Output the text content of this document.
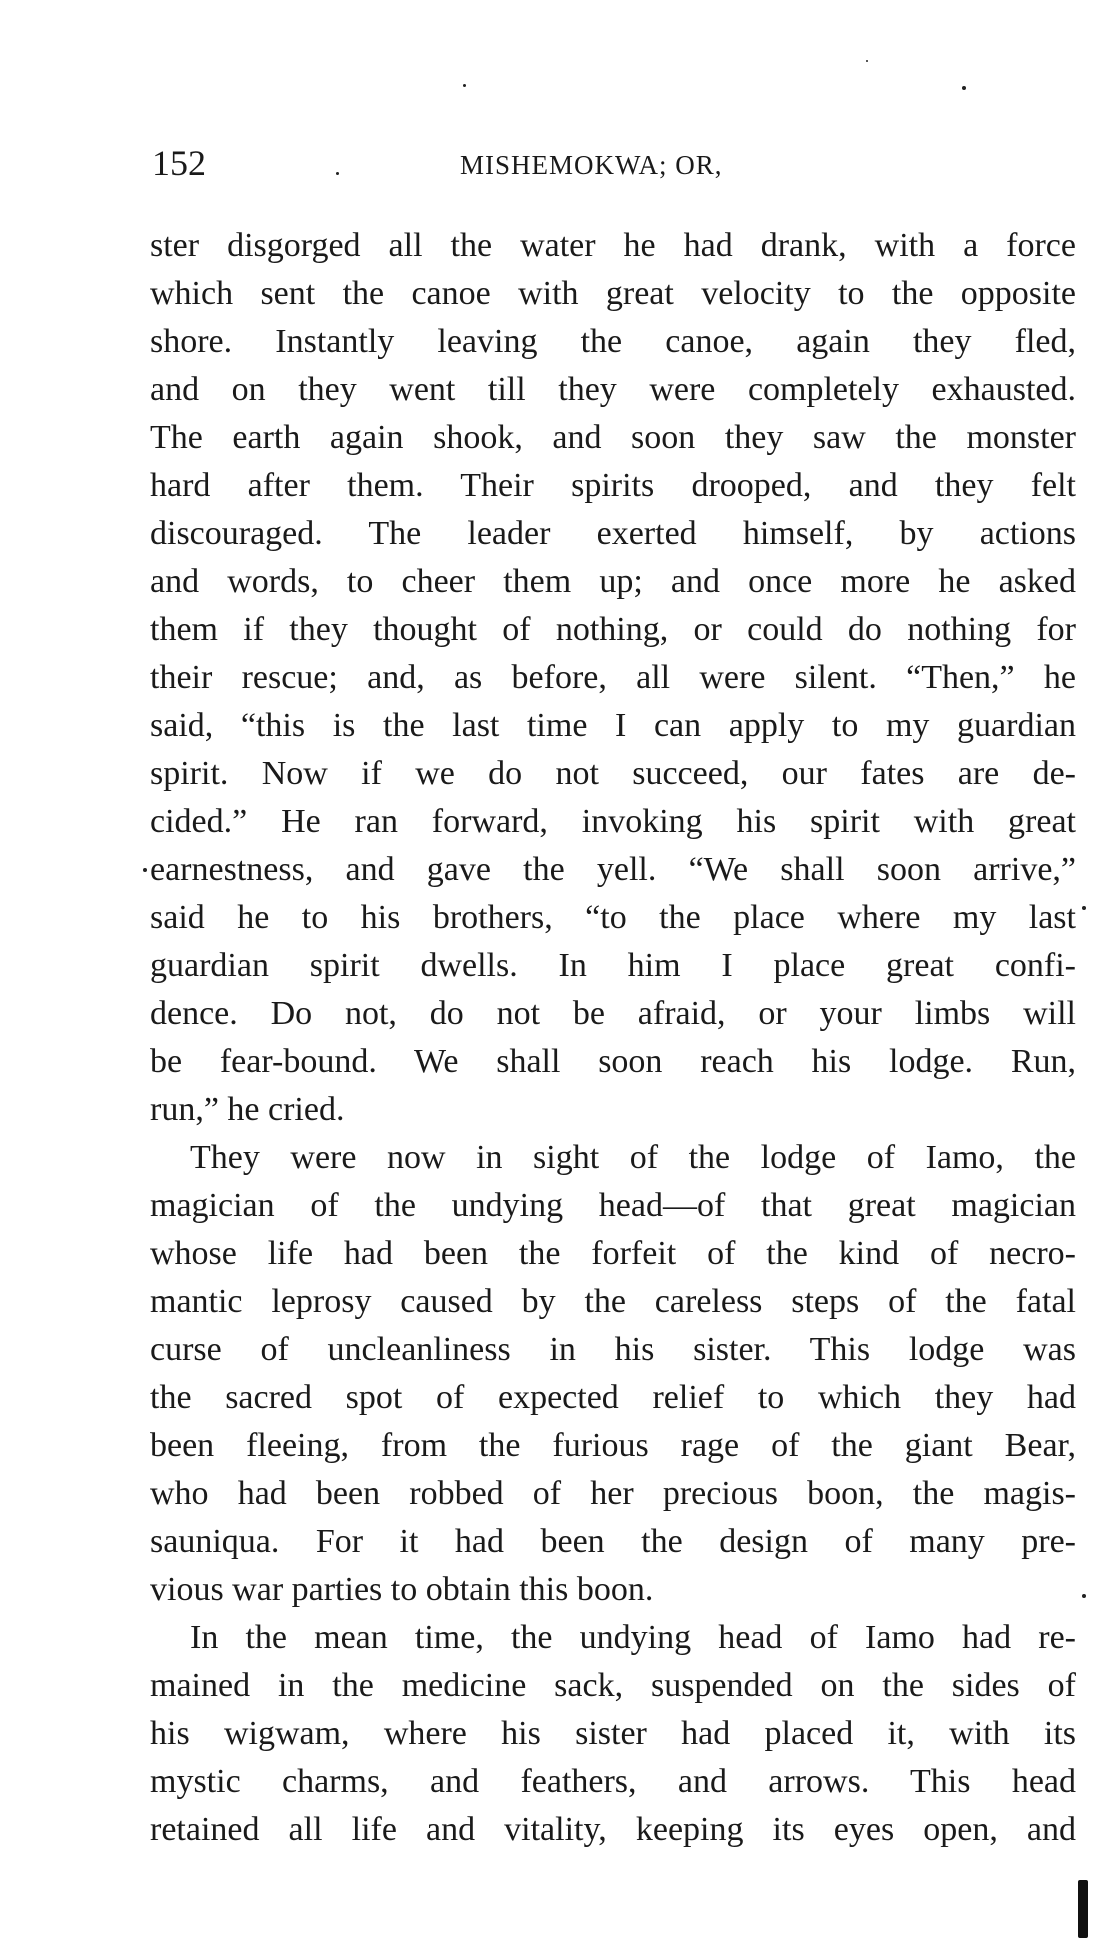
152	MISHEMOKWA; OR,
ster disgorged all the water he had drank, with a force
which sent the canoe with great velocity to the opposite
shore. Instantly leaving the canoe, again they fled,
and on they went till they were completely exhausted.
The earth again shook, and soon they saw the monster
hard after them. Their spirits drooped, and they felt
discouraged. The leader exerted himself, by actions
and words, to cheer them up; and once more he asked
them if they thought of nothing, or could do nothing for
their rescue; and, as before, all were silent. “Then,” he
said, “this is the last time I can apply to my guardian
spirit. Now if we do not succeed, our fates are de-
cided.” He ran forward, invoking his spirit with great
earnestness, and gave the yell. “We shall soon arrive,”
said he to his brothers, “to the place where my last
guardian spirit dwells. In him I place great confi-
dence. Do not, do not be afraid, or your limbs will
be fear-bound. We shall soon reach his lodge. Run,
run,” he cried.
They were now in sight of the lodge of Iamo, the
magician of the undying head—of that great magician
whose life had been the forfeit of the kind of necro-
mantic leprosy caused by the careless steps of the fatal
curse of uncleanliness in his sister. This lodge was
the sacred spot of expected relief to which they had
been fleeing, from the furious rage of the giant Bear,
who had been robbed of her precious boon, the magis-
sauniqua. For it had been the design of many pre-
vious war parties to obtain this boon.
In the mean time, the undying head of Iamo had re-
mained in the medicine sack, suspended on the sides of
his wigwam, where his sister had placed it, with its
mystic charms, and feathers, and arrows. This head
retained all life and vitality, keeping its eyes open, and
